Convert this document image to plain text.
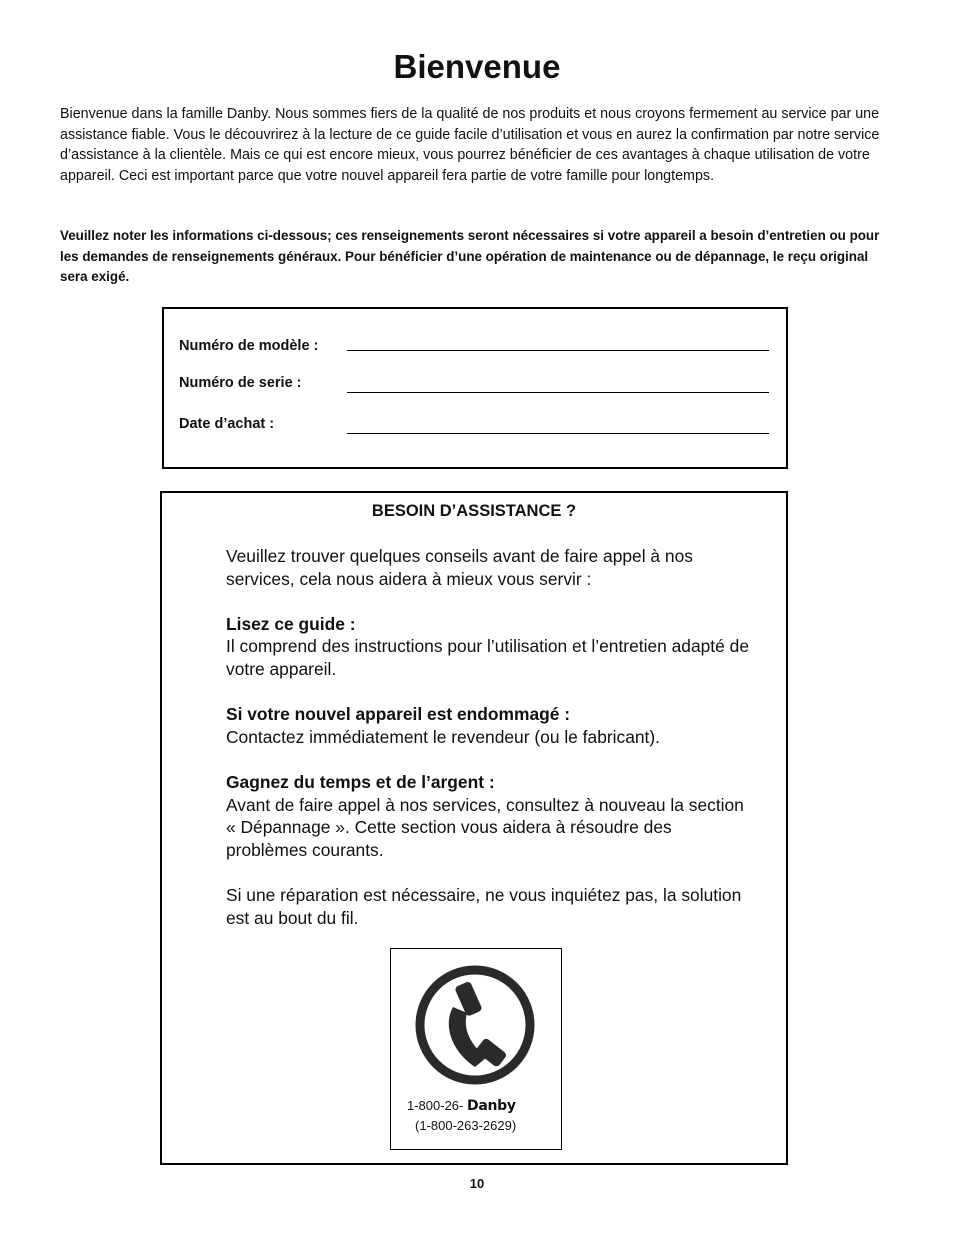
Bienvenue
Bienvenue dans la famille Danby. Nous sommes fiers de la qualité de nos produits et nous croyons fermement au service par une assistance fiable. Vous le découvrirez à la lecture de ce guide facile d’utilisation et vous en aurez la confirmation par notre service d’assistance à la clientèle. Mais ce qui est encore mieux, vous pourrez bénéficier de ces avantages à chaque utilisation de votre appareil. Ceci est important parce que votre nouvel appareil fera partie de votre famille pour longtemps.
Veuillez noter les informations ci-dessous; ces renseignements seront nécessaires si votre appareil a besoin d’entretien ou pour les demandes de renseignements généraux. Pour bénéficier d’une opération de maintenance ou de dépannage, le reçu original sera exigé.
Numéro de modèle :
Numéro de serie :
Date d’achat :
BESOIN D’ASSISTANCE ?

Veuillez trouver quelques conseils avant de faire appel à nos services, cela nous aidera à mieux vous servir :

Lisez ce guide :
Il comprend des instructions pour l’utilisation et l’entretien adapté de votre appareil.

Si votre nouvel appareil est endommagé :
Contactez immédiatement le revendeur (ou le fabricant).

Gagnez du temps et de l’argent :
Avant de faire appel à nos services, consultez à nouveau la section « Dépannage ». Cette section vous aidera à résoudre des problèmes courants.

Si une réparation est nécessaire, ne vous inquiétez pas, la solution est au bout du fil.

1-800-26- Danby
(1-800-263-2629)
10
